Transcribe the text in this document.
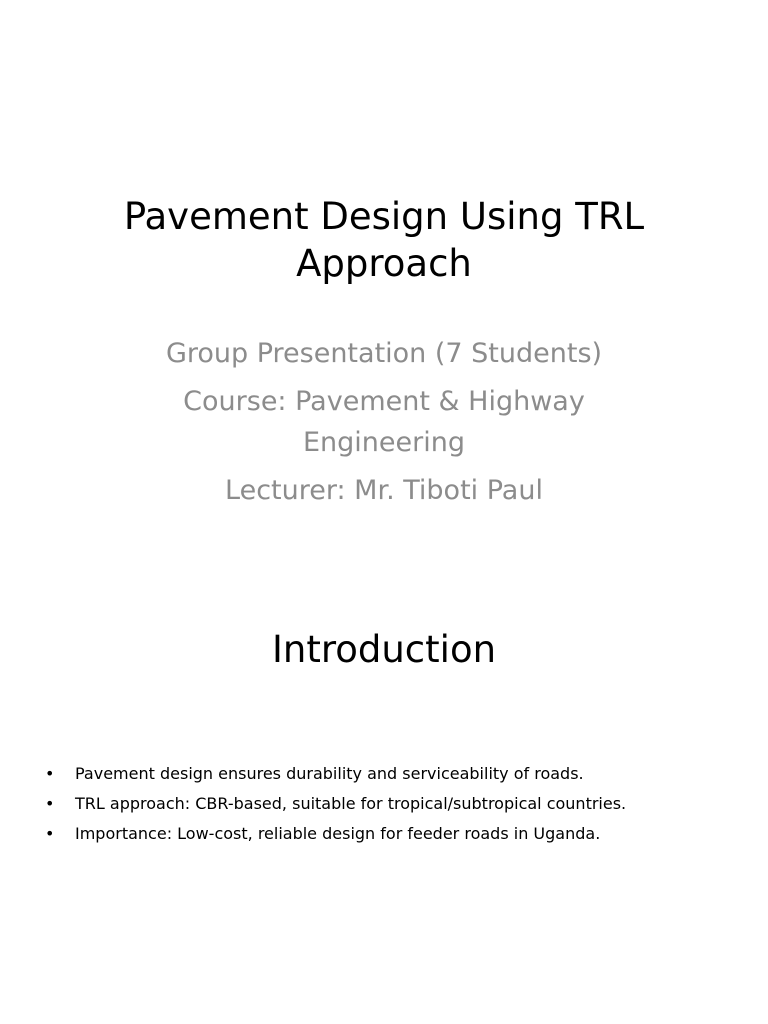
Pavement Design Using TRL Approach
Group Presentation (7 Students)
Course: Pavement & Highway Engineering
Lecturer: Mr. Tiboti Paul
Introduction
• Pavement design ensures durability and serviceability of roads.
• TRL approach: CBR-based, suitable for tropical/subtropical countries.
• Importance: Low-cost, reliable design for feeder roads in Uganda.
